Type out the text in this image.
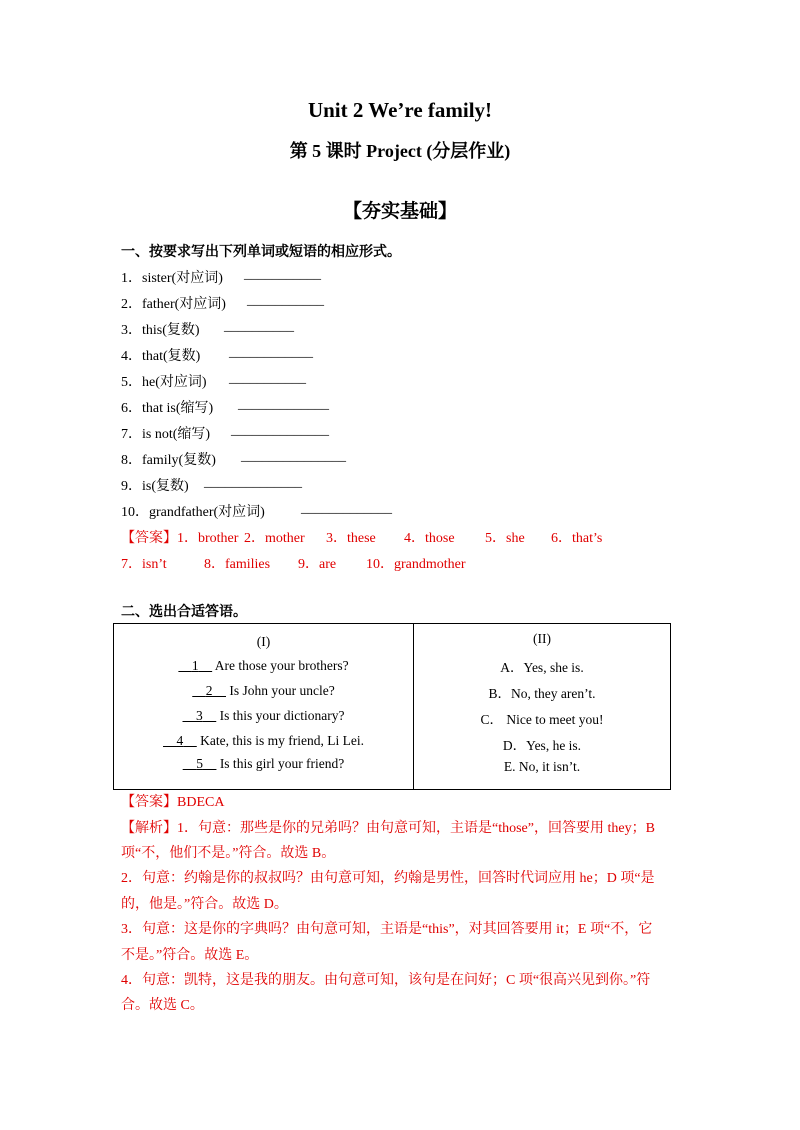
Unit 2 We’re family!
第 5 课时 Project (分层作业)
【夯实基础】
一、按要求写出下列单词或短语的相应形式。
1．sister(对应词) ___________
2．father(对应词) ___________
3．this(复数) __________
4．that(复数) ____________
5．he(对应词) ___________
6．that is(缩写) _____________
7．is not(缩写) ______________
8．family(复数) _______________
9．is(复数) ______________
10．grandfather(对应词)	_____________
【答案】1．brother 2．mother 3．these 4．those 5．she 6．that’s
7．isn’t	8．families 9．are 10．grandmother
二、选出合适答语。
(I)
1     Are those your brothers?
2     Is John your uncle?
3     Is this your dictionary?
4     Kate, this is my friend, Li Lei.
5     Is this girl your friend?
(II)
A．Yes, she is.
B．No, they aren’t.
C． Nice to meet you!
D．Yes, he is.
E. No, it isn’t.
【答案】BDECA
【解析】1．句意：那些是你的兄弟吗？由句意可知，主语是“those”，回答要用 they；B
项“不，他们不是。”符合。故选 B。
2．句意：约翰是你的叔叔吗？由句意可知，约翰是男性，回答时代词应用 he；D 项“是
的，他是。”符合。故选 D。
3．句意：这是你的字典吗？由句意可知，主语是“this”，对其回答要用 it；E 项“不，它
不是。”符合。故选 E。
4．句意：凯特，这是我的朋友。由句意可知，该句是在问好；C 项“很高兴见到你。”符
合。故选 C。
